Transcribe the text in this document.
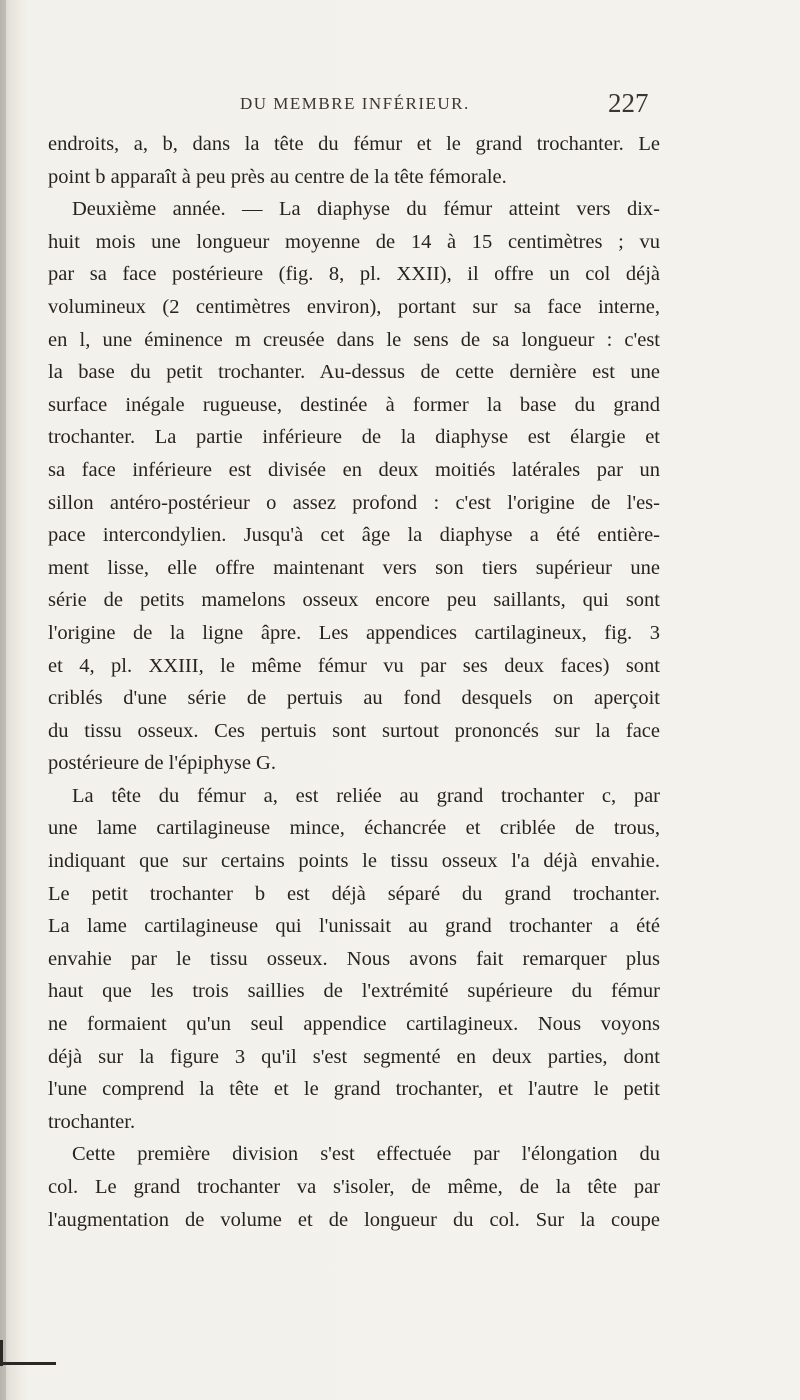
DU MEMBRE INFÉRIEUR.	227
endroits, a, b, dans la tête du fémur et le grand trochanter. Le
point b apparaît à peu près au centre de la tête fémorale.
Deuxième année. — La diaphyse du fémur atteint vers dix-
huit mois une longueur moyenne de 14 à 15 centimètres ; vu
par sa face postérieure (fig. 8, pl. XXII), il offre un col déjà
volumineux (2 centimètres environ), portant sur sa face interne,
en l, une éminence m creusée dans le sens de sa longueur : c'est
la base du petit trochanter. Au-dessus de cette dernière est une
surface inégale rugueuse, destinée à former la base du grand
trochanter. La partie inférieure de la diaphyse est élargie et
sa face inférieure est divisée en deux moitiés latérales par un
sillon antéro-postérieur o assez profond : c'est l'origine de l'es-
pace intercondylien. Jusqu'à cet âge la diaphyse a été entière-
ment lisse, elle offre maintenant vers son tiers supérieur une
série de petits mamelons osseux encore peu saillants, qui sont
l'origine de la ligne âpre. Les appendices cartilagineux, fig. 3
et 4, pl. XXIII, le même fémur vu par ses deux faces) sont
criblés d'une série de pertuis au fond desquels on aperçoit
du tissu osseux. Ces pertuis sont surtout prononcés sur la face
postérieure de l'épiphyse G.
La tête du fémur a, est reliée au grand trochanter c, par
une lame cartilagineuse mince, échancrée et criblée de trous,
indiquant que sur certains points le tissu osseux l'a déjà envahie.
Le petit trochanter b est déjà séparé du grand trochanter.
La lame cartilagineuse qui l'unissait au grand trochanter a été
envahie par le tissu osseux. Nous avons fait remarquer plus
haut que les trois saillies de l'extrémité supérieure du fémur
ne formaient qu'un seul appendice cartilagineux. Nous voyons
déjà sur la figure 3 qu'il s'est segmenté en deux parties, dont
l'une comprend la tête et le grand trochanter, et l'autre le petit
trochanter.
Cette première division s'est effectuée par l'élongation du
col. Le grand trochanter va s'isoler, de même, de la tête par
l'augmentation de volume et de longueur du col. Sur la coupe
